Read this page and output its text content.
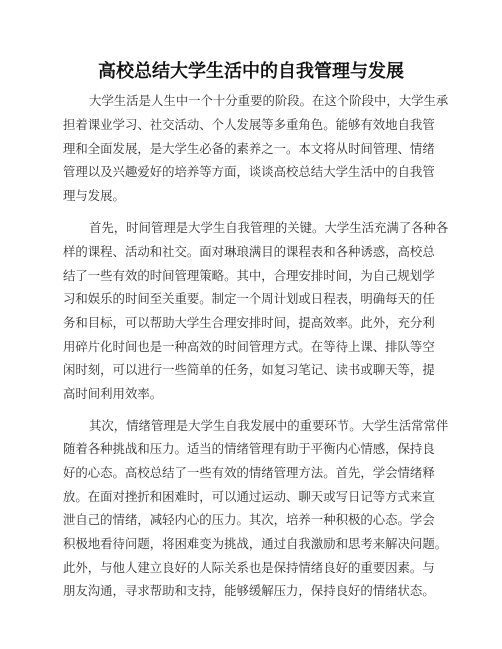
高校总结大学生活中的自我管理与发展
大学生活是人生中一个十分重要的阶段。在这个阶段中，大学生承
担着课业学习、社交活动、个人发展等多重角色。能够有效地自我管
理和全面发展，是大学生必备的素养之一。本文将从时间管理、情绪
管理以及兴趣爱好的培养等方面，谈谈高校总结大学生活中的自我管
理与发展。
首先，时间管理是大学生自我管理的关键。大学生活充满了各种各
样的课程、活动和社交。面对琳琅满目的课程表和各种诱惑，高校总
结了一些有效的时间管理策略。其中，合理安排时间，为自己规划学
习和娱乐的时间至关重要。制定一个周计划或日程表，明确每天的任
务和目标，可以帮助大学生合理安排时间，提高效率。此外，充分利
用碎片化时间也是一种高效的时间管理方式。在等待上课、排队等空
闲时刻，可以进行一些简单的任务，如复习笔记、读书或聊天等，提
高时间利用效率。
其次，情绪管理是大学生自我发展中的重要环节。大学生活常常伴
随着各种挑战和压力。适当的情绪管理有助于平衡内心情感，保持良
好的心态。高校总结了一些有效的情绪管理方法。首先，学会情绪释
放。在面对挫折和困难时，可以通过运动、聊天或写日记等方式来宣
泄自己的情绪，减轻内心的压力。其次，培养一种积极的心态。学会
积极地看待问题，将困难变为挑战，通过自我激励和思考来解决问题。
此外，与他人建立良好的人际关系也是保持情绪良好的重要因素。与
朋友沟通，寻求帮助和支持，能够缓解压力，保持良好的情绪状态。
